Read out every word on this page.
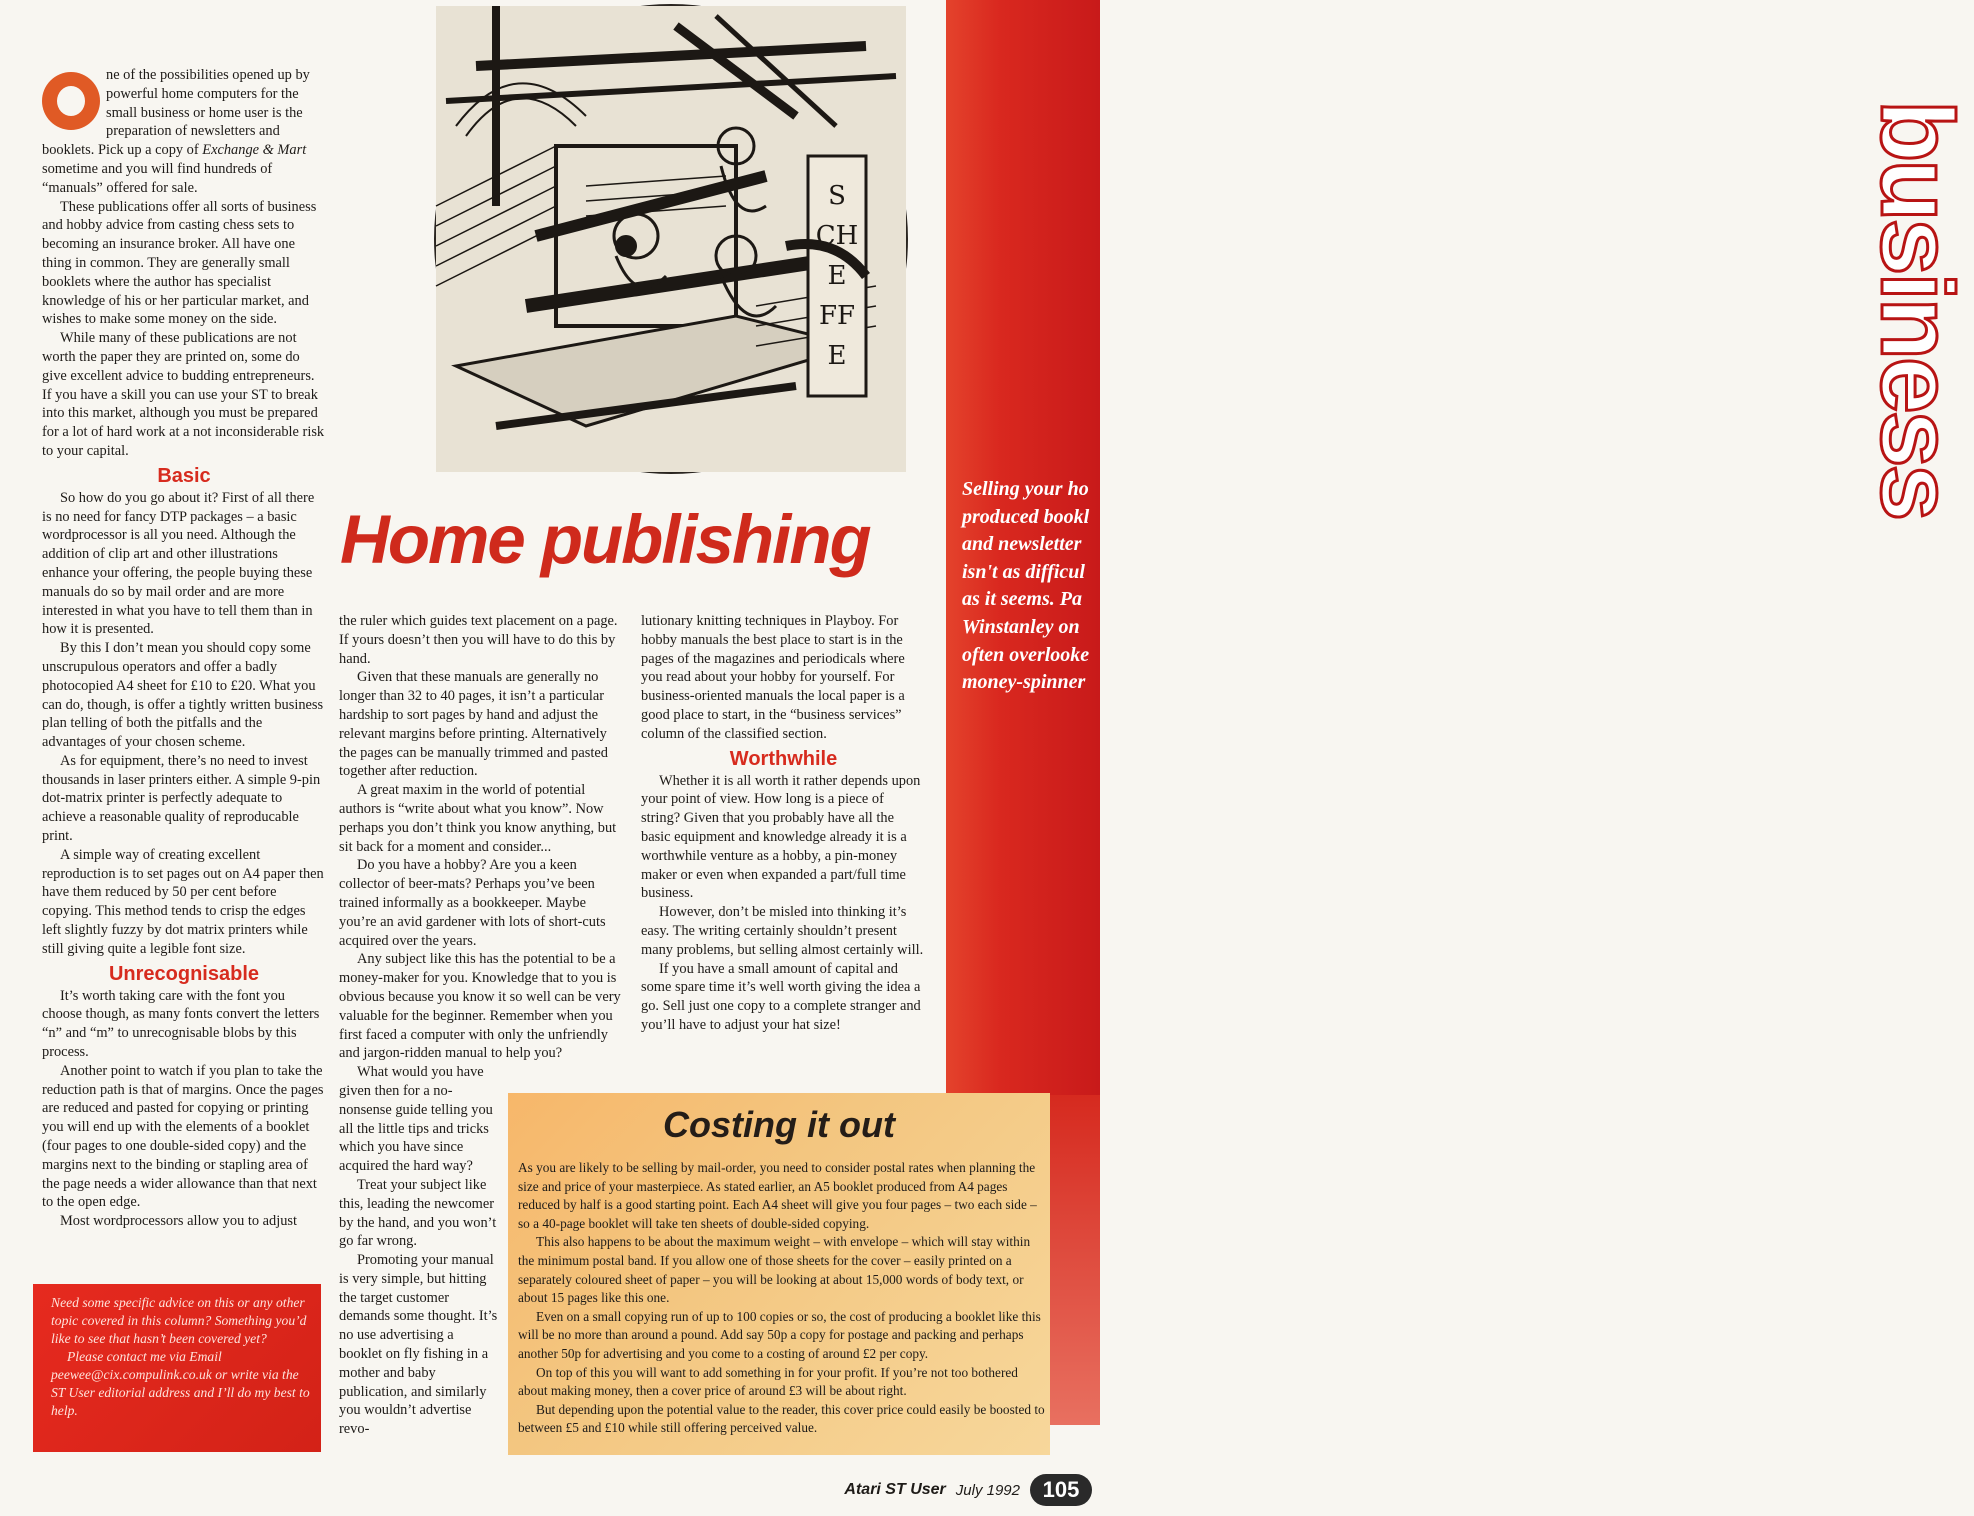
business
Selling your ho
produced bookl
and newsletter
isn't as difficul
as it seems. Pa
Winstanley on
often overlooke
money-spinner
S
CH
E
FF
E
Home publishing

ne of the possibilities opened up by powerful home computers for the small business or home user is the preparation of newsletters and booklets. Pick up a copy of Exchange & Mart sometime and you will find hundreds of “manuals” offered for sale.

These publications offer all sorts of business and hobby advice from casting chess sets to becoming an insurance broker. All have one thing in common. They are generally small booklets where the author has specialist knowledge of his or her particular market, and wishes to make some money on the side.

While many of these publications are not worth the paper they are printed on, some do give excellent advice to budding entrepreneurs. If you have a skill you can use your ST to break into this market, although you must be prepared for a lot of hard work at a not inconsiderable risk to your capital.

Basic

So how do you go about it? First of all there is no need for fancy DTP packages – a basic wordprocessor is all you need. Although the addition of clip art and other illustrations enhance your offering, the people buying these manuals do so by mail order and are more interested in what you have to tell them than in how it is presented.

By this I don’t mean you should copy some unscrupulous operators and offer a badly photocopied A4 sheet for £10 to £20. What you can do, though, is offer a tightly written business plan telling of both the pitfalls and the advantages of your chosen scheme.

As for equipment, there’s no need to invest thousands in laser printers either. A simple 9-pin dot-matrix printer is perfectly adequate to achieve a reasonable quality of reproducable print.

A simple way of creating excellent reproduction is to set pages out on A4 paper then have them reduced by 50 per cent before copying. This method tends to crisp the edges left slightly fuzzy by dot matrix printers while still giving quite a legible font size.

Unrecognisable

It’s worth taking care with the font you choose though, as many fonts convert the letters “n” and “m” to unrecognisable blobs by this process.

Another point to watch if you plan to take the reduction path is that of margins. Once the pages are reduced and pasted for copying or printing you will end up with the elements of a booklet (four pages to one double-sided copy) and the margins next to the binding or stapling area of the page needs a wider allowance than that next to the open edge.

Most wordprocessors allow you to adjust

the ruler which guides text placement on a page. If yours doesn’t then you will have to do this by hand.

Given that these manuals are generally no longer than 32 to 40 pages, it isn’t a particular hardship to sort pages by hand and adjust the relevant margins before printing. Alternatively the pages can be manually trimmed and pasted together after reduction.

A great maxim in the world of potential authors is “write about what you know”. Now perhaps you don’t think you know anything, but sit back for a moment and consider...

Do you have a hobby? Are you a keen collector of beer-mats? Perhaps you’ve been trained informally as a bookkeeper. Maybe you’re an avid gardener with lots of short-cuts acquired over the years.

Any subject like this has the potential to be a money-maker for you. Knowledge that to you is obvious because you know it so well can be very valuable for the beginner. Remember when you first faced a computer with only the unfriendly and jargon-ridden manual to help you?

What would you have given then for a no-nonsense guide telling you all the little tips and tricks which you have since acquired the hard way?

Treat your subject like this, leading the newcomer by the hand, and you won’t go far wrong.

Promoting your manual is very simple, but hitting the target customer demands some thought. It’s no use advertising a booklet on fly fishing in a mother and baby publication, and similarly you wouldn’t advertise revo-

lutionary knitting techniques in Playboy. For hobby manuals the best place to start is in the pages of the magazines and periodicals where you read about your hobby for yourself. For business-oriented manuals the local paper is a good place to start, in the “business services” column of the classified section.

Worthwhile

Whether it is all worth it rather depends upon your point of view. How long is a piece of string? Given that you probably have all the basic equipment and knowledge already it is a worthwhile venture as a hobby, a pin-money maker or even when expanded a part/full time business.

However, don’t be misled into thinking it’s easy. The writing certainly shouldn’t present many problems, but selling almost certainly will.

If you have a small amount of capital and some spare time it’s well worth giving the idea a go. Sell just one copy to a complete stranger and you’ll have to adjust your hat size!

Need some specific advice on this or any other topic covered in this column? Something you’d like to see that hasn’t been covered yet?

Please contact me via Email peewee@cix.compulink.co.uk or write via the ST User editorial address and I’ll do my best to help.

Costing it out

As you are likely to be selling by mail-order, you need to consider postal rates when planning the size and price of your masterpiece. As stated earlier, an A5 booklet produced from A4 pages reduced by half is a good starting point. Each A4 sheet will give you four pages – two each side – so a 40-page booklet will take ten sheets of double-sided copying.

This also happens to be about the maximum weight – with envelope – which will stay within the minimum postal band. If you allow one of those sheets for the cover – easily printed on a separately coloured sheet of paper – you will be looking at about 15,000 words of body text, or about 15 pages like this one.

Even on a small copying run of up to 100 copies or so, the cost of producing a booklet like this will be no more than around a pound. Add say 50p a copy for postage and packing and perhaps another 50p for advertising and you come to a costing of around £2 per copy.

On top of this you will want to add something in for your profit. If you’re not too bothered about making money, then a cover price of around £3 will be about right.

But depending upon the potential value to the reader, this cover price could easily be boosted to between £5 and £10 while still offering perceived value.

Atari ST User July 1992	105
